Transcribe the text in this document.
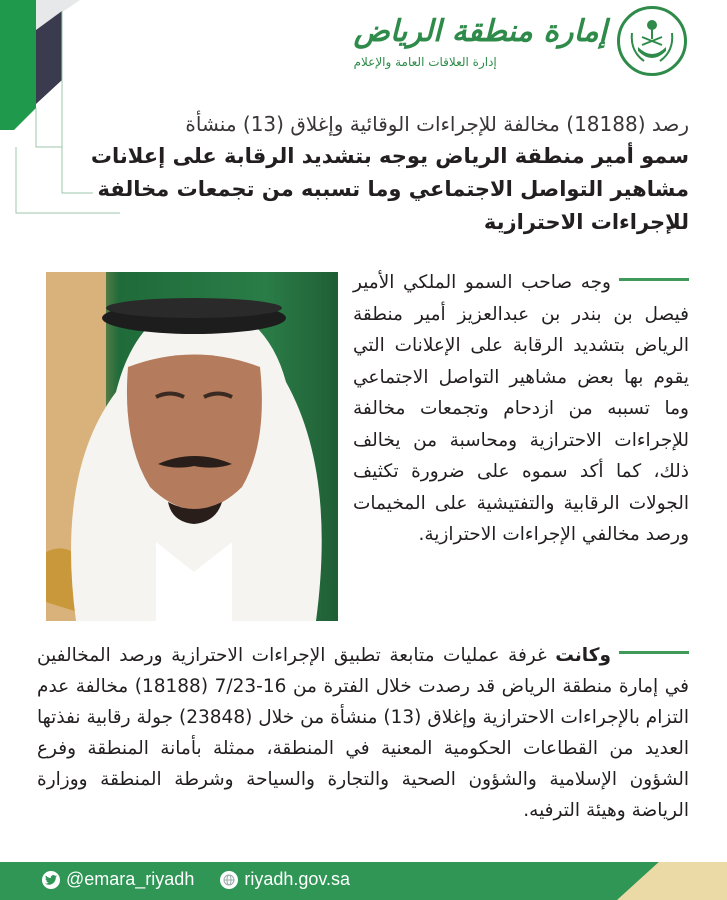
إمارة منطقة الرياض
إدارة العلاقات العامة والإعلام
رصد (18188) مخالفة للإجراءات الوقائية وإغلاق (13) منشأة
سمو أمير منطقة الرياض يوجه بتشديد الرقابة على إعلانات مشاهير التواصل الاجتماعي وما تسببه من تجمعات مخالفة للإجراءات الاحترازية
وجه صاحب السمو الملكي الأمير فيصل بن بندر بن عبدالعزيز أمير منطقة الرياض بتشديد الرقابة على الإعلانات التي يقوم بها بعض مشاهير التواصل الاجتماعي وما تسببه من ازدحام وتجمعات مخالفة للإجراءات الاحترازية ومحاسبة من يخالف ذلك، كما أكد سموه على ضرورة تكثيف الجولات الرقابية والتفتيشية على المخيمات ورصد مخالفي الإجراءات الاحترازية.
وكانت غرفة عمليات متابعة تطبيق الإجراءات الاحترازية ورصد المخالفين في إمارة منطقة الرياض قد رصدت خلال الفترة من 16-7/23 (18188) مخالفة عدم التزام بالإجراءات الاحترازية وإغلاق (13) منشأة من خلال (23848) جولة رقابية نفذتها العديد من القطاعات الحكومية المعنية في المنطقة، ممثلة بأمانة المنطقة وفرع الشؤون الإسلامية والشؤون الصحية والتجارة والسياحة وشرطة المنطقة ووزارة الرياضة وهيئة الترفيه.
@emara_riyadh	riyadh.gov.sa
